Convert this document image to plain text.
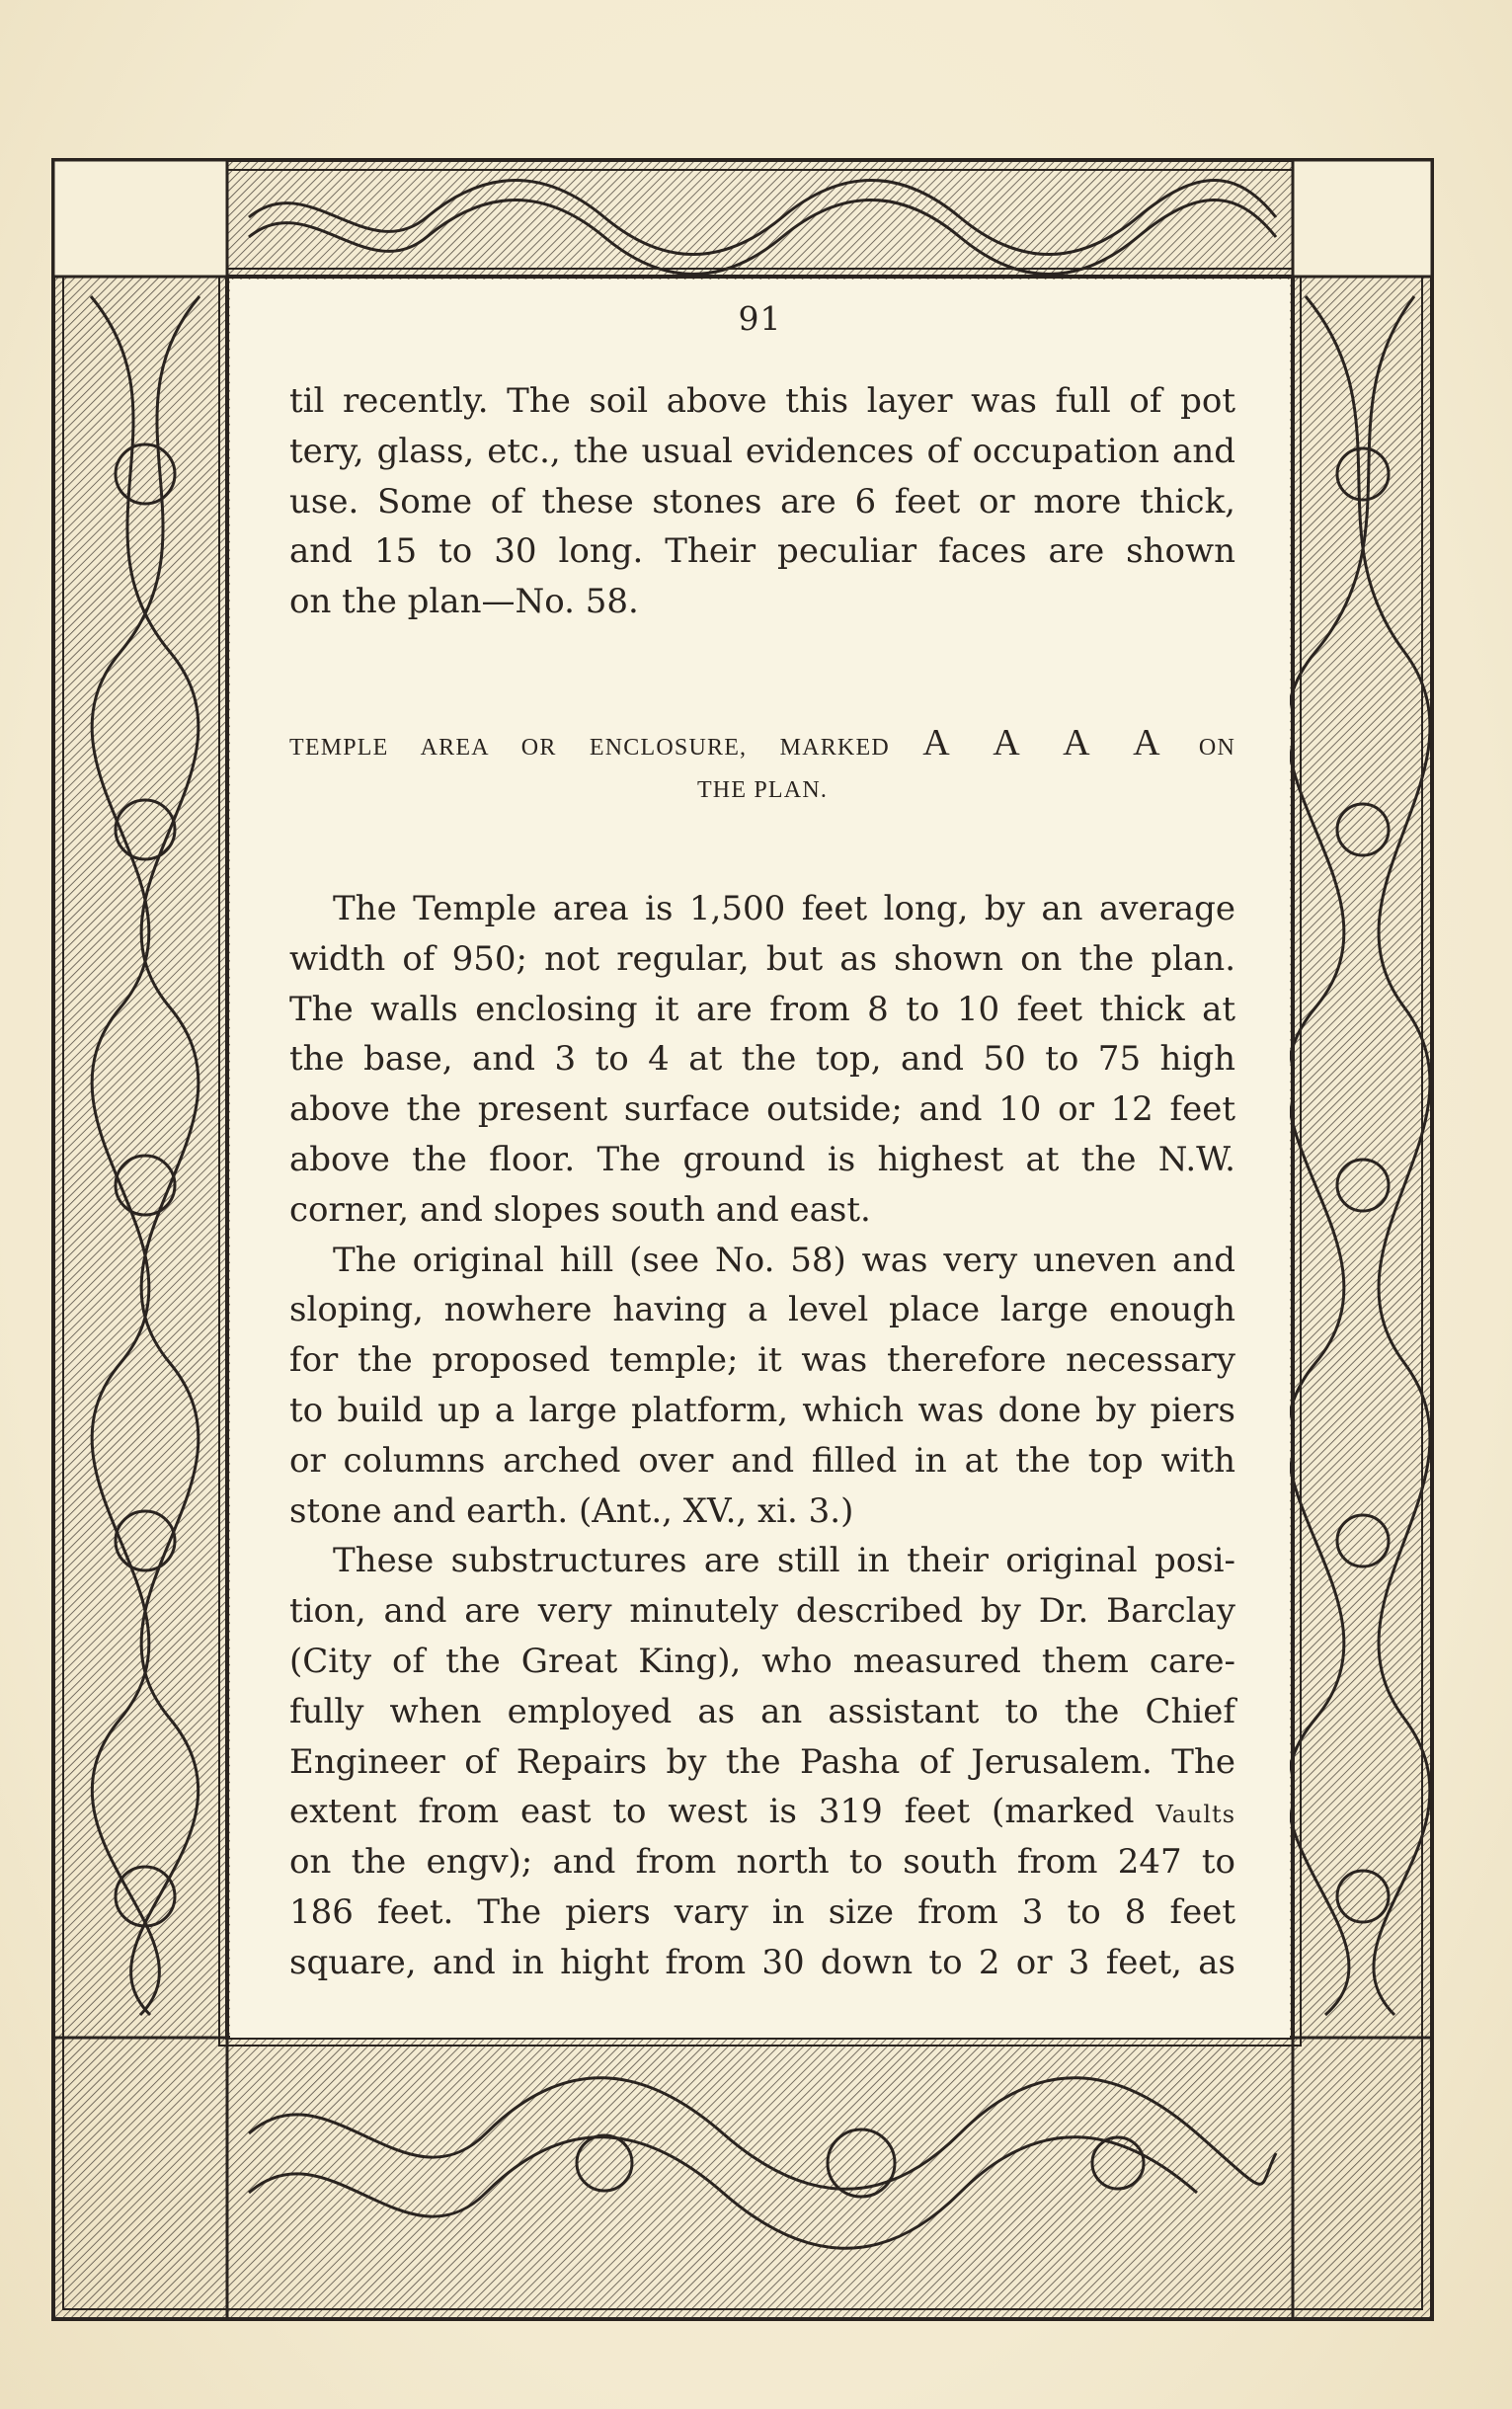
91
til recently. The soil above this layer was full of pot
tery, glass, etc., the usual evidences of occupation and
use. Some of these stones are 6 feet or more thick,
and 15 to 30 long. Their peculiar faces are shown
on the plan—No. 58.
TEMPLE AREA OR ENCLOSURE, MARKED A A A A ON
THE PLAN.
The Temple area is 1,500 feet long, by an average
width of 950; not regular, but as shown on the plan.
The walls enclosing it are from 8 to 10 feet thick at
the base, and 3 to 4 at the top, and 50 to 75 high
above the present surface outside; and 10 or 12 feet
above the floor. The ground is highest at the N.W.
corner, and slopes south and east.
The original hill (see No. 58) was very uneven and
sloping, nowhere having a level place large enough
for the proposed temple; it was therefore necessary
to build up a large platform, which was done by piers
or columns arched over and filled in at the top with
stone and earth. (Ant., XV., xi. 3.)
These substructures are still in their original posi-
tion, and are very minutely described by Dr. Barclay
(City of the Great King), who measured them care-
fully when employed as an assistant to the Chief
Engineer of Repairs by the Pasha of Jerusalem. The
extent from east to west is 319 feet (marked Vaults
on the engv); and from north to south from 247 to
186 feet. The piers vary in size from 3 to 8 feet
square, and in hight from 30 down to 2 or 3 feet, as
